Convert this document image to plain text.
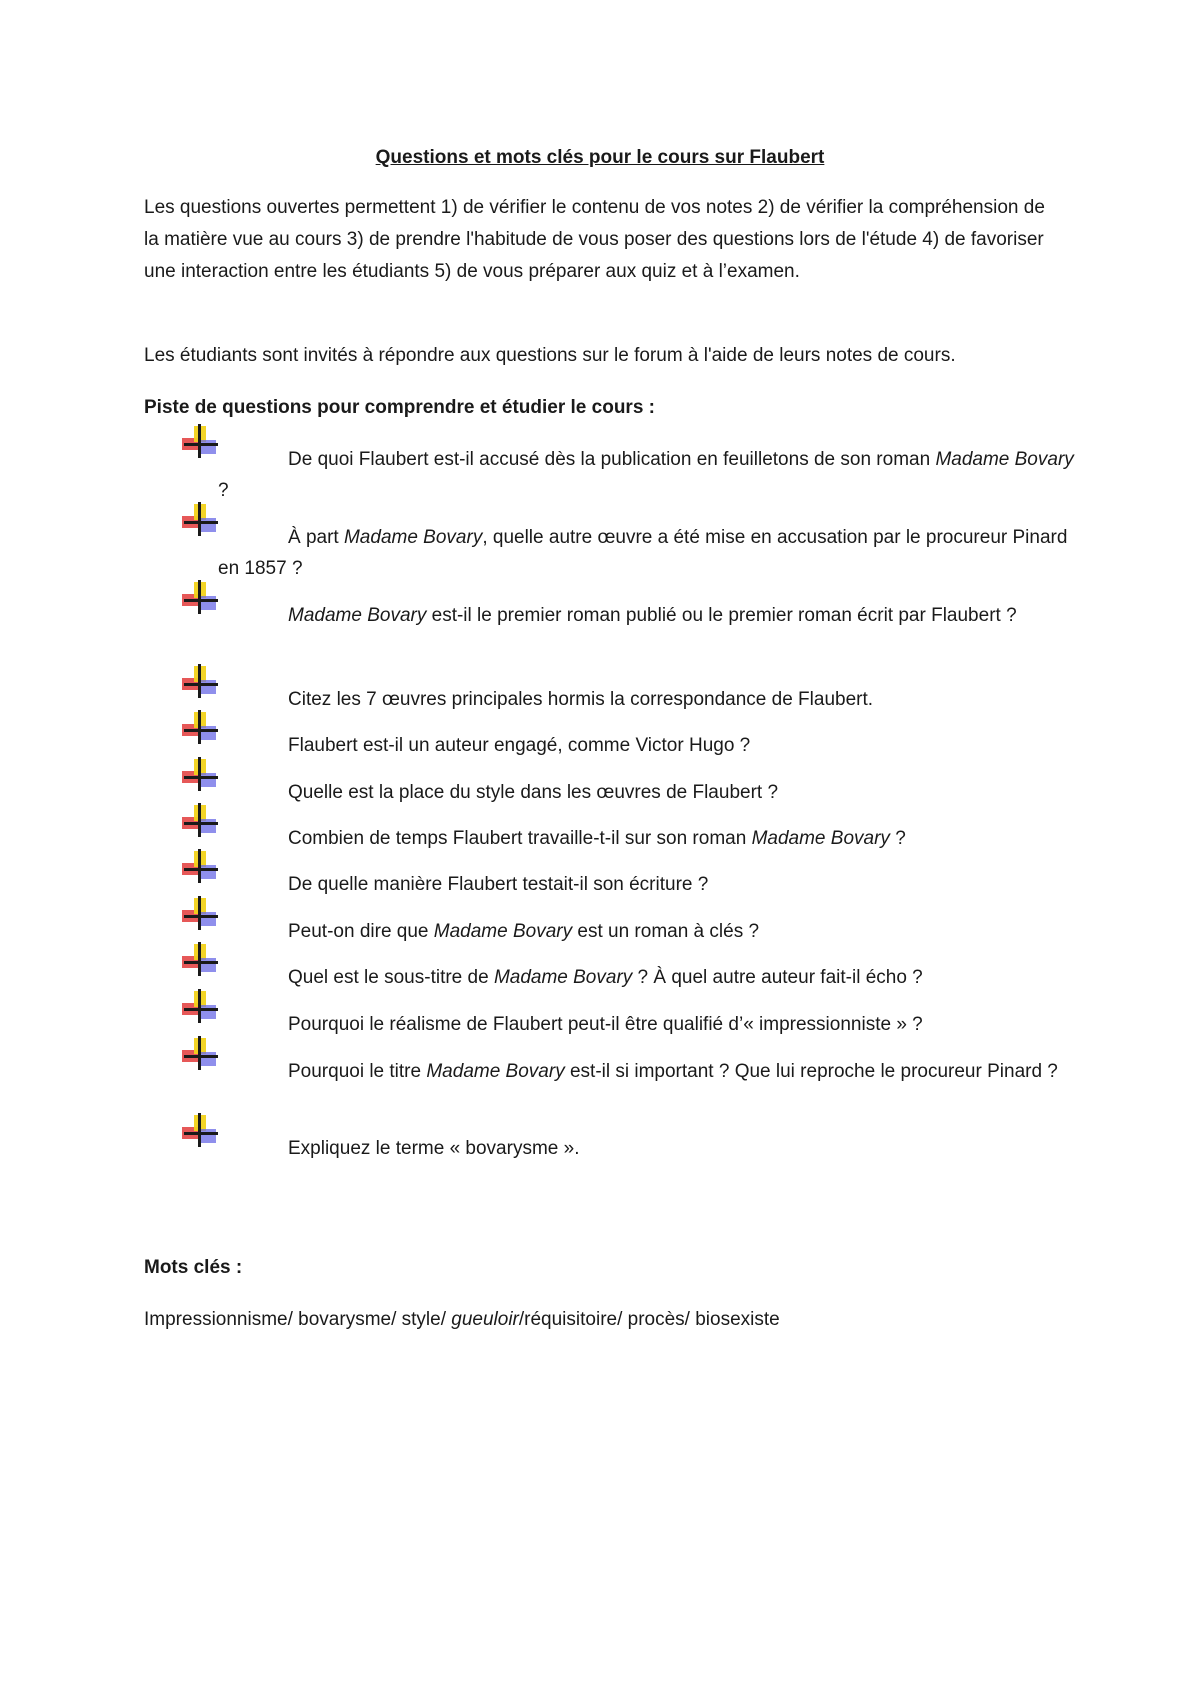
Questions et mots clés pour le cours sur Flaubert
Les questions ouvertes permettent 1) de vérifier le contenu de vos notes 2) de vérifier la compréhension de la matière vue au cours 3) de prendre l'habitude de vous poser des questions lors de l'étude 4) de favoriser une interaction entre les étudiants 5) de vous préparer aux quiz et à l’examen.
Les étudiants sont invités à répondre aux questions sur le forum à l'aide de leurs notes de cours.
Piste de questions pour comprendre et étudier le cours :
De quoi Flaubert est-il accusé dès la publication en feuilletons de son roman Madame Bovary ?
À part Madame Bovary, quelle autre œuvre a été mise en accusation par le procureur Pinard en 1857 ?
Madame Bovary est-il le premier roman publié ou le premier roman écrit par Flaubert ?
Citez les 7 œuvres principales hormis la correspondance de Flaubert.
Flaubert est-il un auteur engagé, comme Victor Hugo ?
Quelle est la place du style dans les œuvres de Flaubert ?
Combien de temps Flaubert travaille-t-il sur son roman Madame Bovary ?
De quelle manière Flaubert testait-il son écriture ?
Peut-on dire que Madame Bovary est un roman à clés ?
Quel est le sous-titre de Madame Bovary ? À quel autre auteur fait-il écho ?
Pourquoi le réalisme de Flaubert peut-il être qualifié d’« impressionniste » ?
Pourquoi le titre Madame Bovary est-il si important ? Que lui reproche le procureur Pinard ?
Expliquez le terme « bovarysme ».
Mots clés :
Impressionnisme/ bovarysme/ style/ gueuloir/réquisitoire/ procès/ biosexiste
